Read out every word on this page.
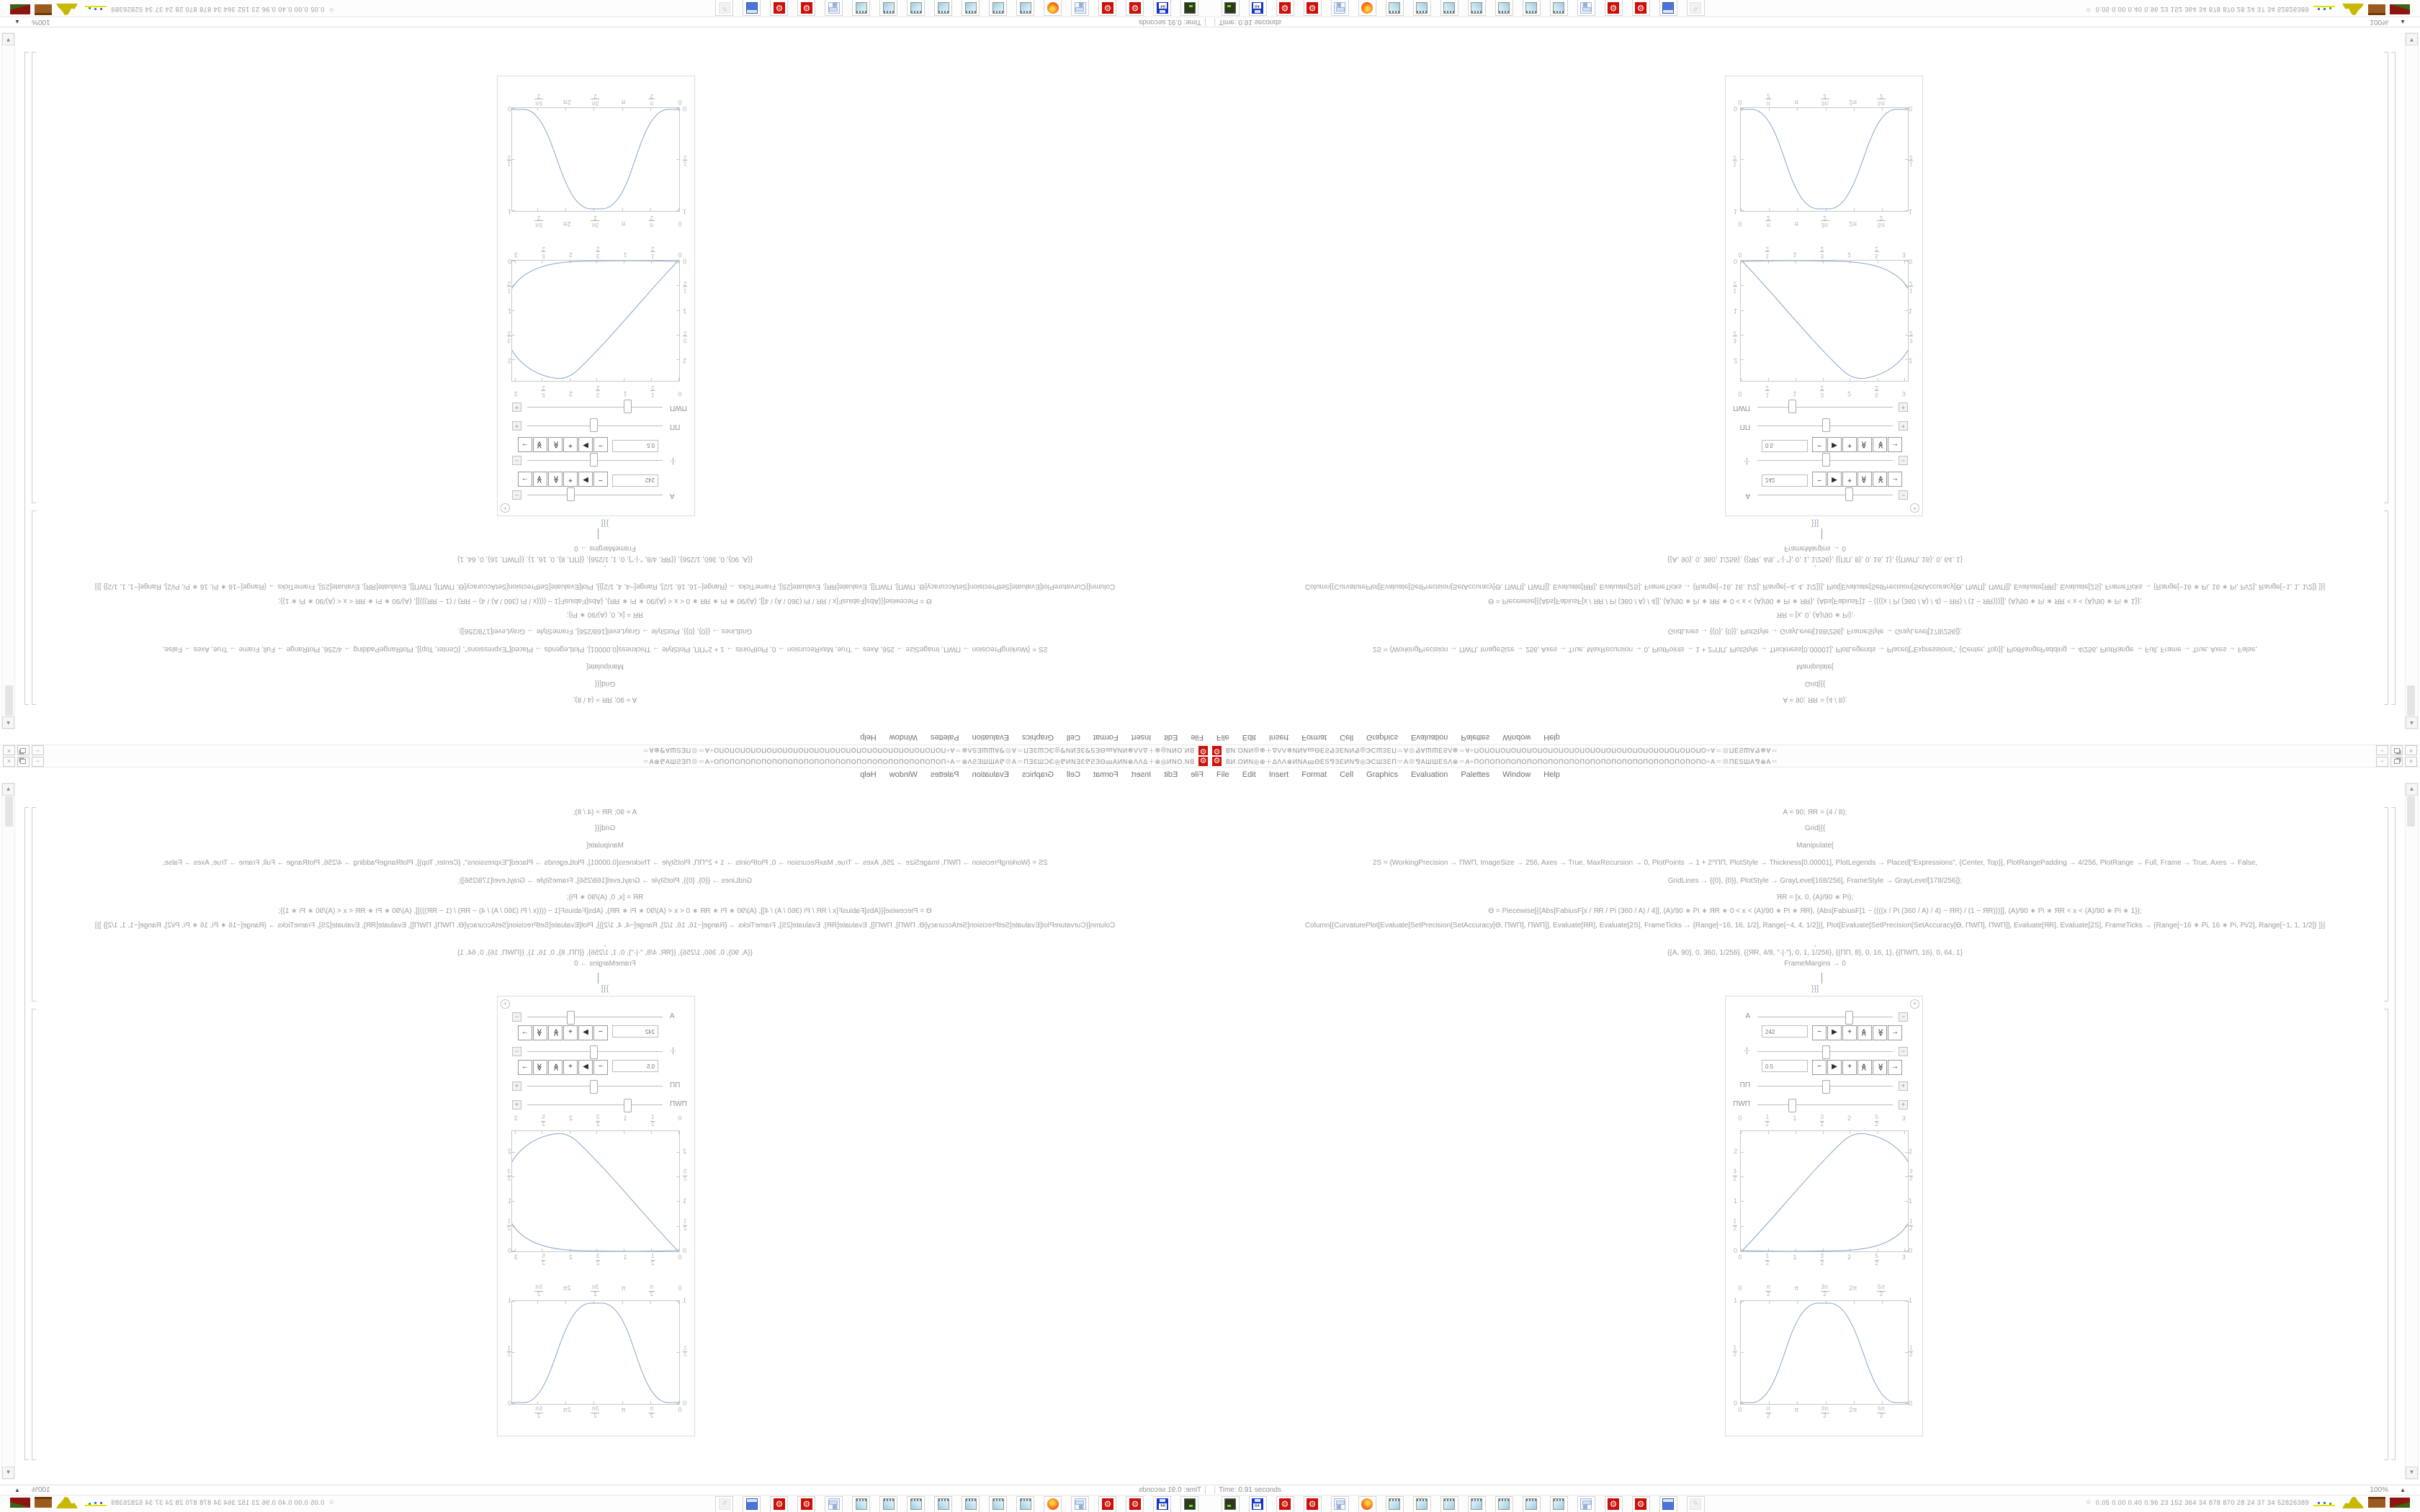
⚙ ВИ.ОИΝ◎⊕＋ΔΛΛ⊗ИΝΑ⅏ΘΕЅ⅋ЗΕИΝ⅋◎ЭСШЗΕП＝А⊗⅋АШШΕЅΛ⊗＝А÷ПОПОПОПОПОПОПОПОПОПОПОПОПОПОПОПОПОПОПОПОПОПО÷А＝⊗ПΕЅШΑ⅋⊗А＝	−	×
File Edit Insert Format Cell Graphics Evaluation Palettes Window Help
A = 90; ЯR = (4 / 8);
Grid[{{
Manipulate[
2S = {WorkingPrecision → ПWП, ImageSize → 256, Axes → True, MaxRecursion → 0, PlotPoints → 1 + 2^ПП, PlotStyle → Thickness[0.00001], PlotLegends → Placed["Expressions", {Center, Top}], PlotRangePadding → 4/256, PlotRange → Full, Frame → True, Axes → False,
GridLines → {{0}, {0}}, PlotStyle → GrayLevel[168/256], FrameStyle → GrayLevel[178/256]};
ЯR = [x, 0, (A)/90 ∗ Pi};
ϴ = Piecewise[{{Abs[FabiusF[x / ЯR / Pi (360 / A) / 4]], (A)/90 ∗ Pi ∗ ЯR ∗ 0 < x < (A)/90 ∗ Pi ∗ ЯR}, {Abs[FabiusF[1 − ((((x / Pi (360 / A) / 4) − ЯR) / (1 − ЯR)))]], (A)/90 ∗ Pi ∗ ЯR < x < (A)/90 ∗ Pi ∗ 1}};
Column[{CurvaturePlot[Evaluate[SetPrecision[SetAccuracy[ϴ, ПWП], ПWП]], Evaluate[ЯR], Evaluate[2S], FrameTicks → {Range[−16, 16, 1/2], Range[−4, 4, 1/2]}], Plot[Evaluate[SetPrecision[SetAccuracy[ϴ, ПWП], ПWП]], Evaluate[ЯR], Evaluate[2S], FrameTicks → {Range[−16 ∗ Pi, 16 ∗ Pi, Pi/2], Range[−1, 1, 1/2]} ]}]
,
{{A, 90}, 0, 360, 1/256}, {{ЯR, 4/8, "·|·"}, 0, 1, 1/256}, {{ПП, 8}, 0, 16, 1}, {{ПWП, 16}, 0, 64, 1}
FrameMargins → 0
}}]
▲
▼
+
A	−
242	−	▶	+	≫	≫	→
·|·	−
0.5	−	▶	+	≫	≫	→
ПП	+
ПWП	+
0
0
$\frac{1}{2}$
$\frac{1}{2}$
1
1
$\frac{3}{2}$
$\frac{3}{2}$
2
2
$\frac{5}{2}$
$\frac{5}{2}$
3
3
0	0
$\frac{1}{2}$	$\frac{1}{2}$
1	1
$\frac{3}{2}$	$\frac{3}{2}$
2	2
0
0
$\frac{\pi}{2}$
$\frac{\pi}{2}$
π
π
$\frac{3\pi}{2}$
$\frac{3\pi}{2}$
2π
2π
$\frac{5\pi}{2}$
$\frac{5\pi}{2}$
0	0
$\frac{1}{2}$	$\frac{1}{2}$
1	1
Time: 0.91 seconds	100% ▲
64
⚙ ⚙ ▦ ▦	⚙ ⚙ ✎	☆ 0.05 0.00 0.40 0.96 23 152 364 34 878 870 28 24 37 34 52826389
⚙
ВИ.ОИΝ◎⊕＋ΔΛΛ⊗ИΝΑ⅏ΘΕЅ⅋ЗΕИΝ⅋◎ЭСШЗΕП＝А⊗⅋АШШΕЅΛ⊗＝А÷ПОПОПОПОПОПОПОПОПОПОПОПОПОПОПОПОПОПОПОПОПОПО÷А＝⊗ПΕЅШΑ⅋⊗А＝
−
×
FileEditInsertFormatCellGraphicsEvaluationPalettesWindowHelp
A = 90; ЯR = (4 / 8);
Grid[{{
Manipulate[
2S = {WorkingPrecision → ПWП, ImageSize → 256, Axes → True, MaxRecursion → 0, PlotPoints → 1 + 2^ПП, PlotStyle → Thickness[0.00001], PlotLegends → Placed["Expressions", {Center, Top}], PlotRangePadding → 4/256, PlotRange → Full, Frame → True, Axes → False,
GridLines → {{0}, {0}}, PlotStyle → GrayLevel[168/256], FrameStyle → GrayLevel[178/256]};
ЯR = [x, 0, (A)/90 ∗ Pi};
ϴ = Piecewise[{{Abs[FabiusF[x / ЯR / Pi (360 / A) / 4]], (A)/90 ∗ Pi ∗ ЯR ∗ 0 < x < (A)/90 ∗ Pi ∗ ЯR}, {Abs[FabiusF[1 − ((((x / Pi (360 / A) / 4) − ЯR) / (1 − ЯR)))]], (A)/90 ∗ Pi ∗ ЯR < x < (A)/90 ∗ Pi ∗ 1}};
Column[{CurvaturePlot[Evaluate[SetPrecision[SetAccuracy[ϴ, ПWП], ПWП]], Evaluate[ЯR], Evaluate[2S], FrameTicks → {Range[−16, 16, 1/2], Range[−4, 4, 1/2]}], Plot[Evaluate[SetPrecision[SetAccuracy[ϴ, ПWП], ПWП]], Evaluate[ЯR], Evaluate[2S], FrameTicks → {Range[−16 ∗ Pi, 16 ∗ Pi, Pi/2], Range[−1, 1, 1/2]} ]}]
,
{{A, 90}, 0, 360, 1/256}, {{ЯR, 4/8, "·|·"}, 0, 1, 1/256}, {{ПП, 8}, 0, 16, 1}, {{ПWП, 16}, 0, 64, 1}
FrameMargins → 0
}}]
▲
▼
+
A
−
242
−
▶
+
≫
≫
→
·|·
−
0.5
−
▶
+
≫
≫
→
ПП
+
ПWП
+
0
0
$\frac{1}{2}$
$\frac{1}{2}$
1
1
$\frac{3}{2}$
$\frac{3}{2}$
2
2
$\frac{5}{2}$
$\frac{5}{2}$
3
3
0
0
$\frac{1}{2}$
$\frac{1}{2}$
1
1
$\frac{3}{2}$
$\frac{3}{2}$
2
2
0
0
$\frac{\pi}{2}$
$\frac{\pi}{2}$
π
π
$\frac{3\pi}{2}$
$\frac{3\pi}{2}$
2π
2π
$\frac{5\pi}{2}$
$\frac{5\pi}{2}$
0
0
$\frac{1}{2}$
$\frac{1}{2}$
1
1
Time: 0.91 seconds
100%
▲
64
⚙
⚙
▦
▦
⚙
⚙
✎
☆
0.05 0.00 0.40 0.96 23 152 364 34 878 870 28 24 37 34 52826389
⚙ ВИ.ОИΝ◎⊕＋ΔΛΛ⊗ИΝΑ⅏ΘΕЅ⅋ЗΕИΝ⅋◎ЭСШЗΕП＝А⊗⅋АШШΕЅΛ⊗＝А÷ПОПОПОПОПОПОПОПОПОПОПОПОПОПОПОПОПОПОПОПОПОПО÷А＝⊗ПΕЅШΑ⅋⊗А＝	−	×
File Edit Insert Format Cell Graphics Evaluation Palettes Window Help
A = 90; ЯR = (4 / 8);
Grid[{{
Manipulate[
2S = {WorkingPrecision → ПWП, ImageSize → 256, Axes → True, MaxRecursion → 0, PlotPoints → 1 + 2^ПП, PlotStyle → Thickness[0.00001], PlotLegends → Placed["Expressions", {Center, Top}], PlotRangePadding → 4/256, PlotRange → Full, Frame → True, Axes → False,
GridLines → {{0}, {0}}, PlotStyle → GrayLevel[168/256], FrameStyle → GrayLevel[178/256]};
ЯR = [x, 0, (A)/90 ∗ Pi};
ϴ = Piecewise[{{Abs[FabiusF[x / ЯR / Pi (360 / A) / 4]], (A)/90 ∗ Pi ∗ ЯR ∗ 0 < x < (A)/90 ∗ Pi ∗ ЯR}, {Abs[FabiusF[1 − ((((x / Pi (360 / A) / 4) − ЯR) / (1 − ЯR)))]], (A)/90 ∗ Pi ∗ ЯR < x < (A)/90 ∗ Pi ∗ 1}};
Column[{CurvaturePlot[Evaluate[SetPrecision[SetAccuracy[ϴ, ПWП], ПWП]], Evaluate[ЯR], Evaluate[2S], FrameTicks → {Range[−16, 16, 1/2], Range[−4, 4, 1/2]}], Plot[Evaluate[SetPrecision[SetAccuracy[ϴ, ПWП], ПWП]], Evaluate[ЯR], Evaluate[2S], FrameTicks → {Range[−16 ∗ Pi, 16 ∗ Pi, Pi/2], Range[−1, 1, 1/2]} ]}]
,
{{A, 90}, 0, 360, 1/256}, {{ЯR, 4/8, "·|·"}, 0, 1, 1/256}, {{ПП, 8}, 0, 16, 1}, {{ПWП, 16}, 0, 64, 1}
FrameMargins → 0
}}]
▲
▼
+
A	−
242	−	▶	+	≫	≫	→
·|·	−
0.5	−	▶	+	≫	≫	→
ПП	+
ПWП	+
0
0
1
2
1
2
1
1
3
2
3
2
2
2
5
2
5
2
3
3
0	0
1
2
1
2
1	1
3
2
3
2
2	2
0
0
π
2
π
2
π
π
3π
2
3π
2
2π
2π
5π
2
5π
2
0	0
1
2
1
2
1	1
Time: 0.91 seconds	100% ▲
64
⚙ ⚙ ▦ ▦	⚙ ⚙ ✎	☆ 0.05 0.00 0.40 0.96 23 152 364 34 878 870 28 24 37 34 52826389
⚙
ВИ.ОИΝ◎⊕＋ΔΛΛ⊗ИΝΑ⅏ΘΕЅ⅋ЗΕИΝ⅋◎ЭСШЗΕП＝А⊗⅋АШШΕЅΛ⊗＝А÷ПОПОПОПОПОПОПОПОПОПОПОПОПОПОПОПОПОПОПОПОПОПО÷А＝⊗ПΕЅШΑ⅋⊗А＝
−
×
FileEditInsertFormatCellGraphicsEvaluationPalettesWindowHelp
A = 90; ЯR = (4 / 8);
Grid[{{
Manipulate[
2S = {WorkingPrecision → ПWП, ImageSize → 256, Axes → True, MaxRecursion → 0, PlotPoints → 1 + 2^ПП, PlotStyle → Thickness[0.00001], PlotLegends → Placed["Expressions", {Center, Top}], PlotRangePadding → 4/256, PlotRange → Full, Frame → True, Axes → False,
GridLines → {{0}, {0}}, PlotStyle → GrayLevel[168/256], FrameStyle → GrayLevel[178/256]};
ЯR = [x, 0, (A)/90 ∗ Pi};
ϴ = Piecewise[{{Abs[FabiusF[x / ЯR / Pi (360 / A) / 4]], (A)/90 ∗ Pi ∗ ЯR ∗ 0 < x < (A)/90 ∗ Pi ∗ ЯR}, {Abs[FabiusF[1 − ((((x / Pi (360 / A) / 4) − ЯR) / (1 − ЯR)))]], (A)/90 ∗ Pi ∗ ЯR < x < (A)/90 ∗ Pi ∗ 1}};
Column[{CurvaturePlot[Evaluate[SetPrecision[SetAccuracy[ϴ, ПWП], ПWП]], Evaluate[ЯR], Evaluate[2S], FrameTicks → {Range[−16, 16, 1/2], Range[−4, 4, 1/2]}], Plot[Evaluate[SetPrecision[SetAccuracy[ϴ, ПWП], ПWП]], Evaluate[ЯR], Evaluate[2S], FrameTicks → {Range[−16 ∗ Pi, 16 ∗ Pi, Pi/2], Range[−1, 1, 1/2]} ]}]
,
{{A, 90}, 0, 360, 1/256}, {{ЯR, 4/8, "·|·"}, 0, 1, 1/256}, {{ПП, 8}, 0, 16, 1}, {{ПWП, 16}, 0, 64, 1}
FrameMargins → 0
}}]
▲
▼
+
A
−
242
−
▶
+
≫
≫
→
·|·
−
0.5
−
▶
+
≫
≫
→
ПП
+
ПWП
+
0
0
1
2
1
2
1
1
3
2
3
2
2
2
5
2
5
2
3
3
0
0
1
2
1
2
1
1
3
2
3
2
2
2
0
0
π
2
π
2
π
π
3π
2
3π
2
2π
2π
5π
2
5π
2
0
0
1
2
1
2
1
1
Time: 0.91 seconds
100%
▲
64
⚙
⚙
▦
▦
⚙
⚙
✎
☆
0.05 0.00 0.40 0.96 23 152 364 34 878 870 28 24 37 34 52826389
